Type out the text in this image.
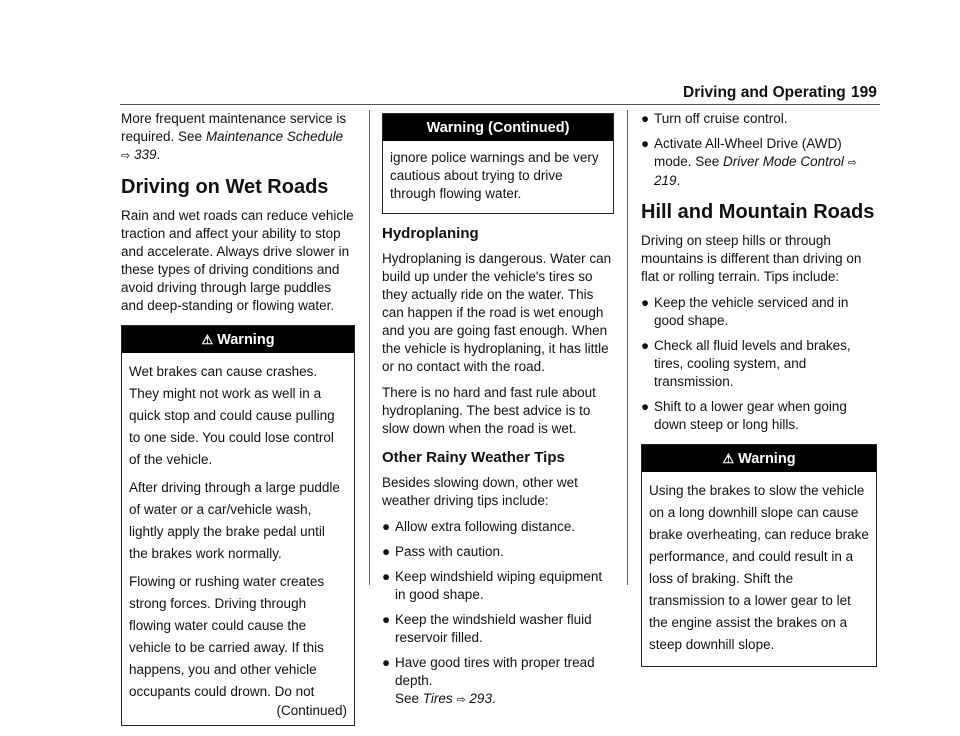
Driving and Operating 199

More frequent maintenance service is required. See Maintenance Schedule ⇨ 339.

Driving on Wet Roads

Rain and wet roads can reduce vehicle traction and affect your ability to stop and accelerate. Always drive slower in these types of driving conditions and avoid driving through large puddles and deep-standing or flowing water.

⚠ Warning

Wet brakes can cause crashes. They might not work as well in a quick stop and could cause pulling to one side. You could lose control of the vehicle.

After driving through a large puddle of water or a car/vehicle wash, lightly apply the brake pedal until the brakes work normally.

Flowing or rushing water creates strong forces. Driving through flowing water could cause the vehicle to be carried away. If this happens, you and other vehicle occupants could drown. Do not

(Continued)
Warning (Continued)

ignore police warnings and be very cautious about trying to drive through flowing water.

Hydroplaning

Hydroplaning is dangerous. Water can build up under the vehicle's tires so they actually ride on the water. This can happen if the road is wet enough and you are going fast enough. When the vehicle is hydroplaning, it has little or no contact with the road.

There is no hard and fast rule about hydroplaning. The best advice is to slow down when the road is wet.

Other Rainy Weather Tips

Besides slowing down, other wet weather driving tips include:

● Allow extra following distance.
● Pass with caution.
● Keep windshield wiping equipment in good shape.
● Keep the windshield washer fluid reservoir filled.
● Have good tires with proper tread depth.
See Tires ⇨ 293.
● Turn off cruise control.
● Activate All-Wheel Drive (AWD) mode. See Driver Mode Control ⇨ 219.
Hill and Mountain Roads

Driving on steep hills or through mountains is different than driving on flat or rolling terrain. Tips include:

● Keep the vehicle serviced and in good shape.
● Check all fluid levels and brakes, tires, cooling system, and transmission.
● Shift to a lower gear when going down steep or long hills.
⚠ Warning

Using the brakes to slow the vehicle on a long downhill slope can cause brake overheating, can reduce brake performance, and could result in a loss of braking. Shift the transmission to a lower gear to let the engine assist the brakes on a steep downhill slope.
